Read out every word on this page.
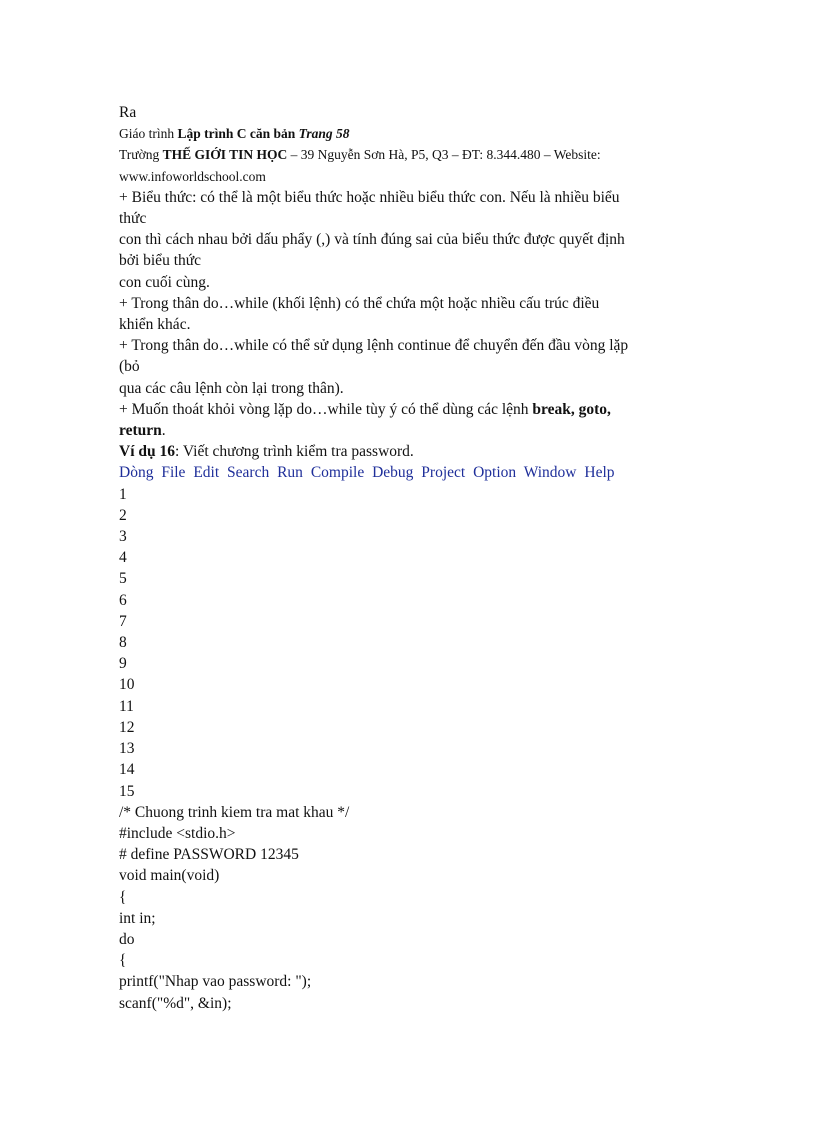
Ra
Giáo trình Lập trình C căn bản Trang 58
Trường THẾ GIỚI TIN HỌC – 39 Nguyễn Sơn Hà, P5, Q3 – ĐT: 8.344.480 – Website:
www.infoworldschool.com
+ Biểu thức: có thể là một biểu thức hoặc nhiều biểu thức con. Nếu là nhiều biểu
thức
con thì cách nhau bởi dấu phẩy (,) và tính đúng sai của biểu thức được quyết định
bởi biểu thức
con cuối cùng.
+ Trong thân do…while (khối lệnh) có thể chứa một hoặc nhiều cấu trúc điều
khiển khác.
+ Trong thân do…while có thể sử dụng lệnh continue để chuyển đến đầu vòng lặp
(bỏ
qua các câu lệnh còn lại trong thân).
+ Muốn thoát khỏi vòng lặp do…while tùy ý có thể dùng các lệnh break, goto,
return.
Ví dụ 16: Viết chương trình kiểm tra password.
Dòng File Edit Search Run Compile Debug Project Option Window Help
1
2
3
4
5
6
7
8
9
10
11
12
13
14
15
/* Chuong trinh kiem tra mat khau */
#include <stdio.h>
# define PASSWORD 12345
void main(void)
{
int in;
do
{
printf("Nhap vao password: ");
scanf("%d", &in);
